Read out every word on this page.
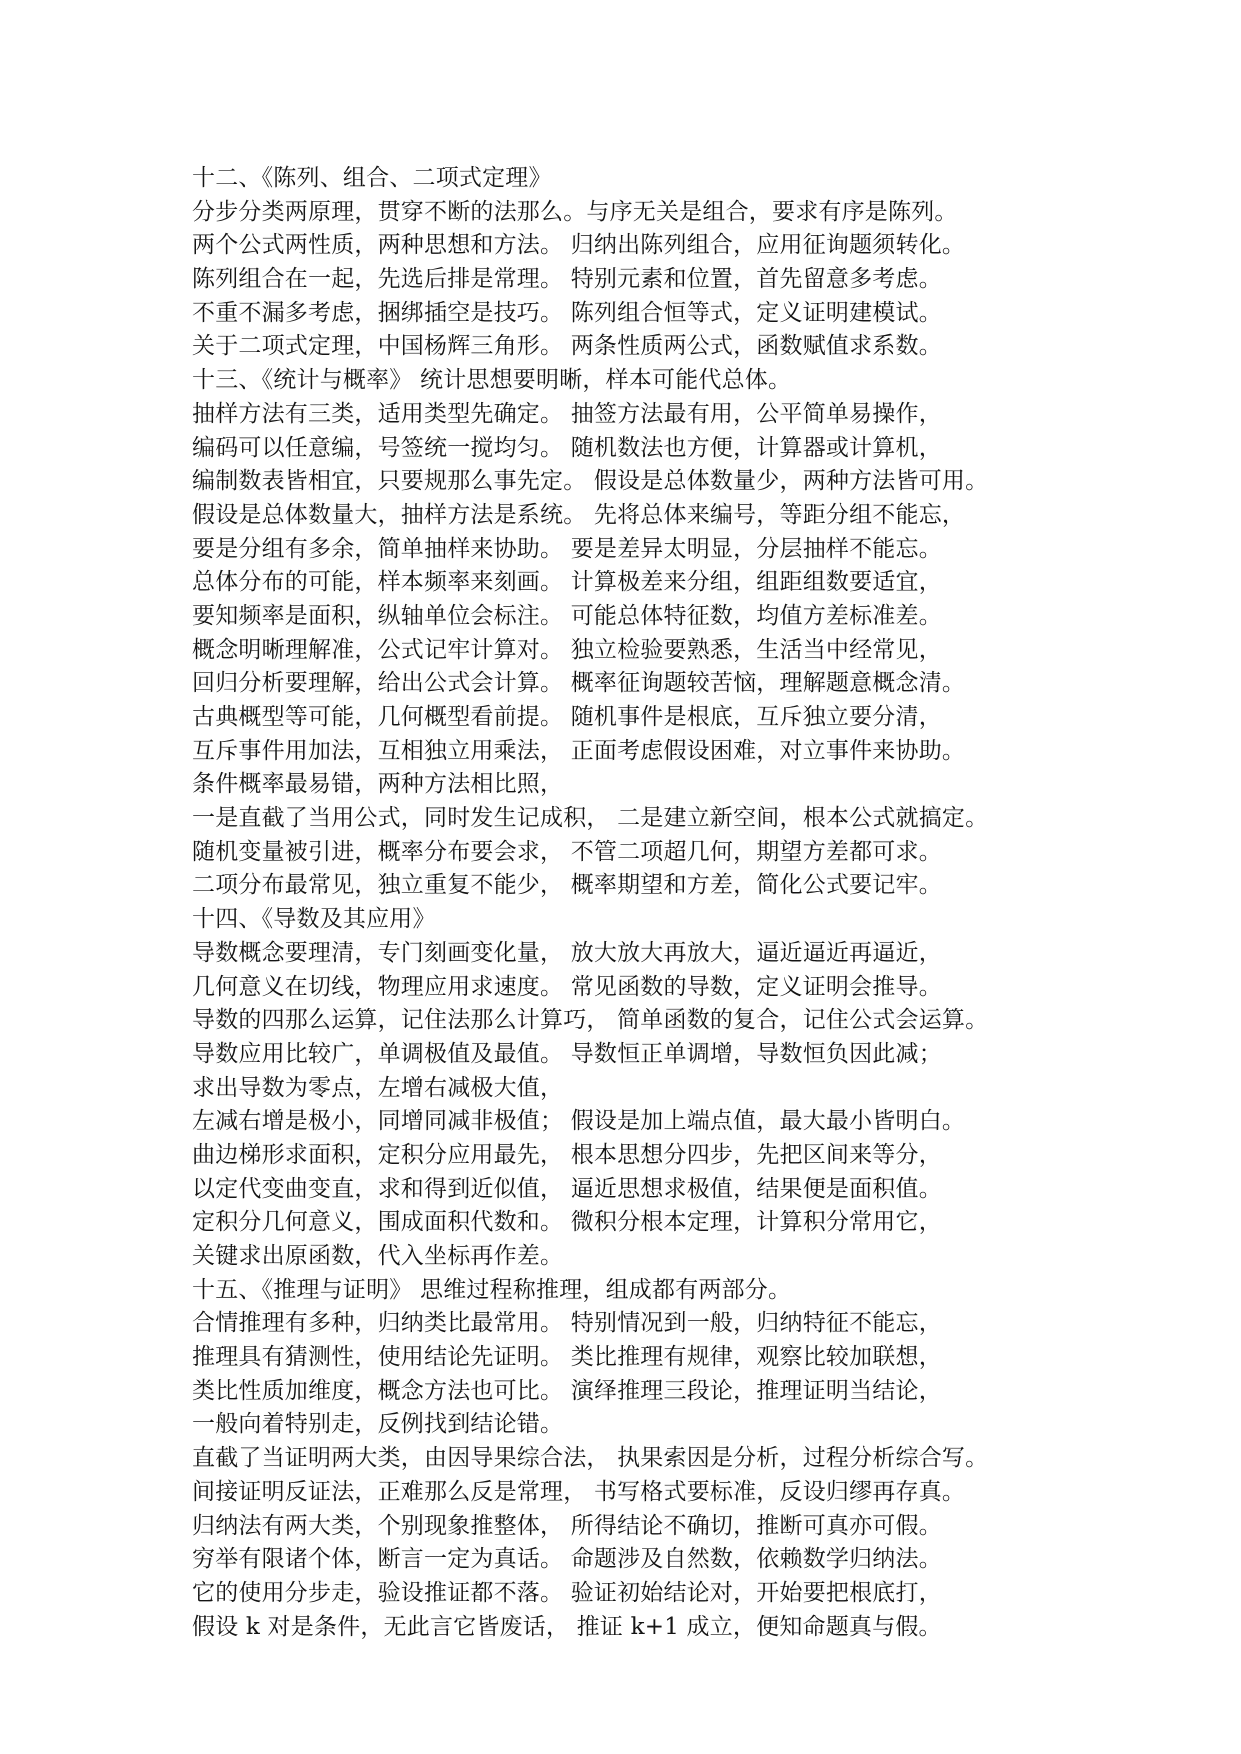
十二、《陈列、组合、二项式定理》
分步分类两原理，贯穿不断的法那么。与序无关是组合，要求有序是陈列。
两个公式两性质，两种思想和方法。 归纳出陈列组合，应用征询题须转化。
陈列组合在一起，先选后排是常理。 特别元素和位置，首先留意多考虑。
不重不漏多考虑，捆绑插空是技巧。 陈列组合恒等式，定义证明建模试。
关于二项式定理，中国杨辉三角形。 两条性质两公式，函数赋值求系数。
十三、《统计与概率》 统计思想要明晰，样本可能代总体。
抽样方法有三类，适用类型先确定。 抽签方法最有用，公平简单易操作，
编码可以任意编，号签统一搅均匀。 随机数法也方便，计算器或计算机，
编制数表皆相宜，只要规那么事先定。 假设是总体数量少，两种方法皆可用。
假设是总体数量大，抽样方法是系统。 先将总体来编号，等距分组不能忘，
要是分组有多余，简单抽样来协助。 要是差异太明显，分层抽样不能忘。
总体分布的可能，样本频率来刻画。 计算极差来分组，组距组数要适宜，
要知频率是面积，纵轴单位会标注。 可能总体特征数，均值方差标准差。
概念明晰理解准，公式记牢计算对。 独立检验要熟悉，生活当中经常见，
回归分析要理解，给出公式会计算。 概率征询题较苦恼，理解题意概念清。
古典概型等可能，几何概型看前提。 随机事件是根底，互斥独立要分清，
互斥事件用加法，互相独立用乘法， 正面考虑假设困难，对立事件来协助。
条件概率最易错，两种方法相比照，
一是直截了当用公式，同时发生记成积， 二是建立新空间，根本公式就搞定。
随机变量被引进，概率分布要会求， 不管二项超几何，期望方差都可求。
二项分布最常见，独立重复不能少， 概率期望和方差，简化公式要记牢。
十四、《导数及其应用》
导数概念要理清，专门刻画变化量， 放大放大再放大，逼近逼近再逼近，
几何意义在切线，物理应用求速度。 常见函数的导数，定义证明会推导。
导数的四那么运算，记住法那么计算巧， 简单函数的复合，记住公式会运算。
导数应用比较广，单调极值及最值。 导数恒正单调增，导数恒负因此减；
求出导数为零点，左增右减极大值，
左减右增是极小，同增同减非极值； 假设是加上端点值，最大最小皆明白。
曲边梯形求面积，定积分应用最先， 根本思想分四步，先把区间来等分，
以定代变曲变直，求和得到近似值， 逼近思想求极值，结果便是面积值。
定积分几何意义，围成面积代数和。 微积分根本定理，计算积分常用它，
关键求出原函数，代入坐标再作差。
十五、《推理与证明》 思维过程称推理，组成都有两部分。
合情推理有多种，归纳类比最常用。 特别情况到一般，归纳特征不能忘，
推理具有猜测性，使用结论先证明。 类比推理有规律，观察比较加联想，
类比性质加维度，概念方法也可比。 演绎推理三段论，推理证明当结论，
一般向着特别走，反例找到结论错。
直截了当证明两大类，由因导果综合法， 执果索因是分析，过程分析综合写。
间接证明反证法，正难那么反是常理， 书写格式要标准，反设归缪再存真。
归纳法有两大类，个别现象推整体， 所得结论不确切，推断可真亦可假。
穷举有限诸个体，断言一定为真话。 命题涉及自然数，依赖数学归纳法。
它的使用分步走，验设推证都不落。 验证初始结论对，开始要把根底打，
假设 k 对是条件，无此言它皆废话， 推证 k+1 成立，便知命题真与假。
